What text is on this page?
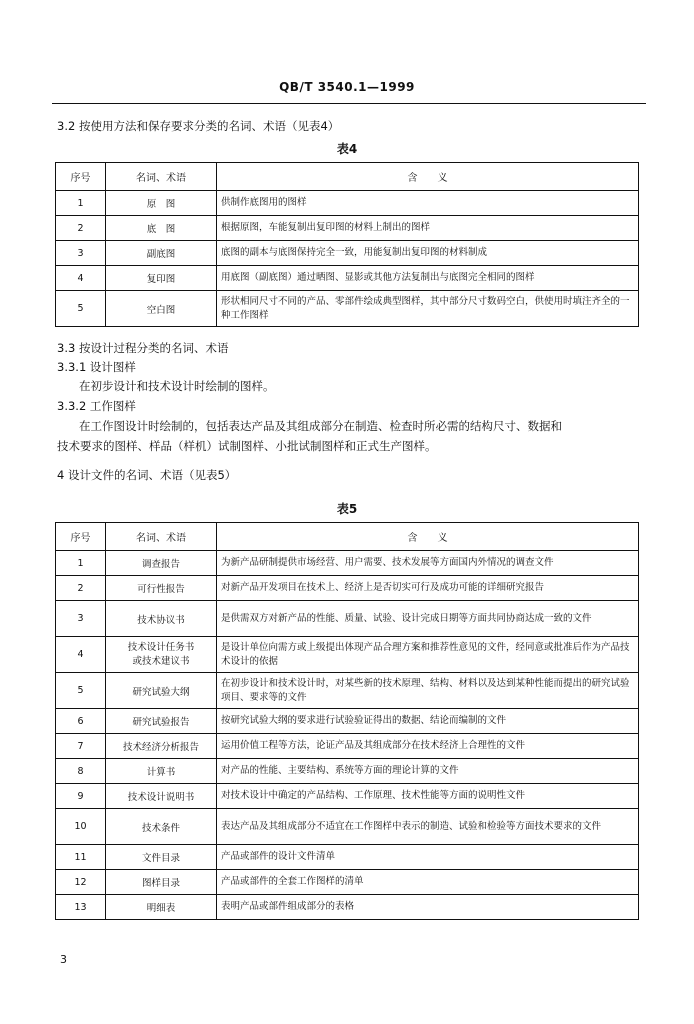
QB/T 3540.1—1999
3.2 按使用方法和保存要求分类的名词、术语（见表4）
表4
序号	名词、术语	含　　义
1	原　图	供制作底图用的图样
2	底　图	根据原图，车能复制出复印图的材料上制出的图样
3	副底图	底图的副本与底图保持完全一致，用能复制出复印图的材料制成
4	复印图	用底图（副底图）通过晒图、显影或其他方法复制出与底图完全相同的图样
5	空白图	形状相同尺寸不同的产品、零部件绘成典型图样，其中部分尺寸数码空白，供使用时填注齐全的一种工作图样
3.3 按设计过程分类的名词、术语
3.3.1 设计图样
在初步设计和技术设计时绘制的图样。
3.3.2 工作图样
在工作图设计时绘制的，包括表达产品及其组成部分在制造、检查时所必需的结构尺寸、数据和
技术要求的图样、样品（样机）试制图样、小批试制图样和正式生产图样。
4 设计文件的名词、术语（见表5）
表5
序号	名词、术语	含　　义
1	调查报告	为新产品研制提供市场经营、用户需要、技术发展等方面国内外情况的调查文件
2	可行性报告	对新产品开发项目在技术上、经济上是否切实可行及成功可能的详细研究报告
3	技术协议书	是供需双方对新产品的性能、质量、试验、设计完成日期等方面共同协商达成一致的文件
4	技术设计任务书
或技术建议书	是设计单位向需方或上级提出体现产品合理方案和推荐性意见的文件，经同意或批准后作为产品技术设计的依据
5	研究试验大纲	在初步设计和技术设计时，对某些新的技术原理、结构、材料以及达到某种性能而提出的研究试验项目、要求等的文件
6	研究试验报告	按研究试验大纲的要求进行试验验证得出的数据、结论而编制的文件
7	技术经济分析报告	运用价值工程等方法，论证产品及其组成部分在技术经济上合理性的文件
8	计算书	对产品的性能、主要结构、系统等方面的理论计算的文件
9	技术设计说明书	对技术设计中确定的产品结构、工作原理、技术性能等方面的说明性文件
10	技术条件	表达产品及其组成部分不适宜在工作图样中表示的制造、试验和检验等方面技术要求的文件
11	文件目录	产品或部件的设计文件清单
12	图样目录	产品或部件的全套工作图样的清单
13	明细表	表明产品或部件组成部分的表格
3
